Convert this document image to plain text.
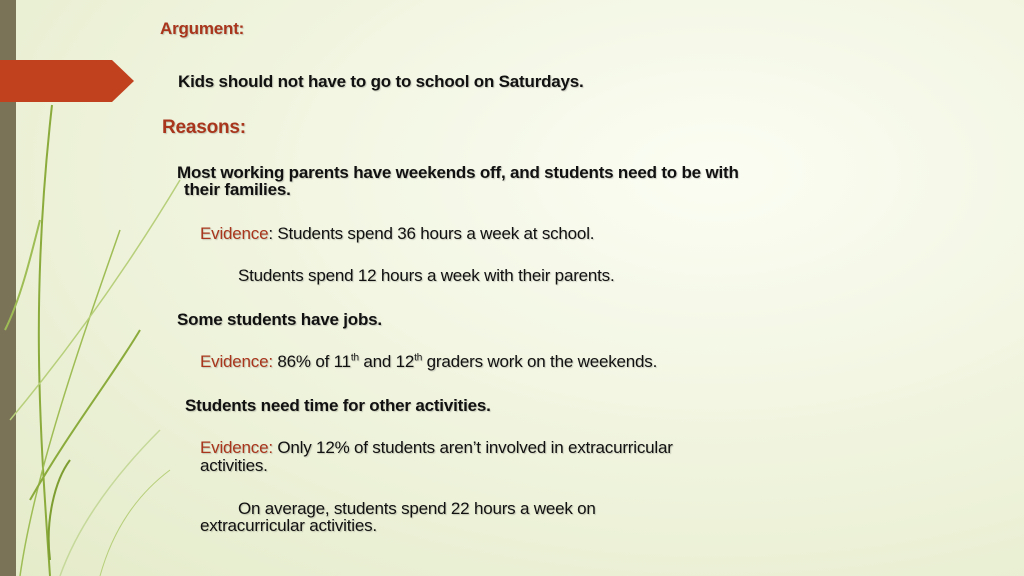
Argument:
Kids should not have to go to school on Saturdays.
Reasons:
Most working parents have weekends off, and students need to be with
their families.
Evidence: Students spend 36 hours a week at school.
Students spend 12 hours a week with their parents.
Some students have jobs.
Evidence: 86% of 11th and 12th graders work on the weekends.
Students need time for other activities.
Evidence: Only 12% of students aren’t involved in extracurricular
activities.
On average, students spend 22 hours a week on
extracurricular activities.
